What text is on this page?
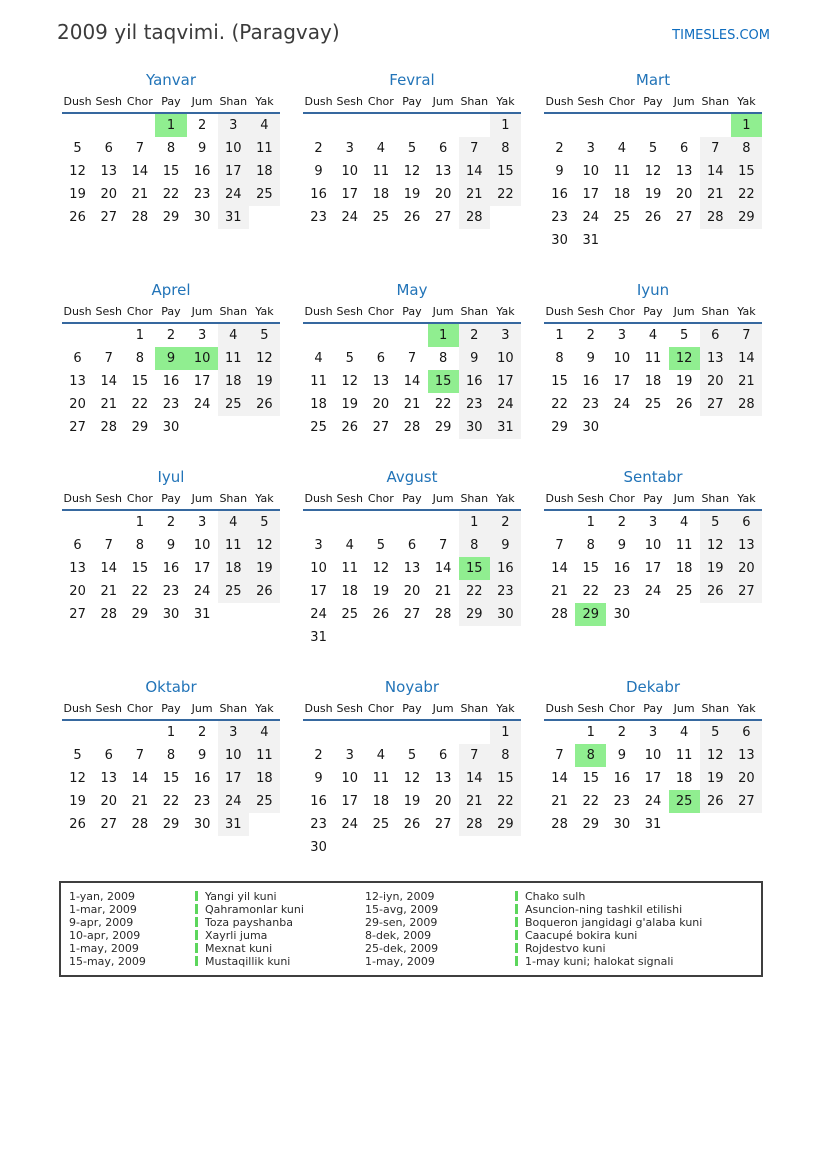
2009 yil taqvimi. (Paragvay)	TIMESLES.COM
Yanvar
Dush	Sesh	Chor	Pay	Jum	Shan	Yak
			1	2	3	4
5	6	7	8	9	10	11
12	13	14	15	16	17	18
19	20	21	22	23	24	25
26	27	28	29	30	31	
Fevral
Dush	Sesh	Chor	Pay	Jum	Shan	Yak
						1
2	3	4	5	6	7	8
9	10	11	12	13	14	15
16	17	18	19	20	21	22
23	24	25	26	27	28	
Mart
Dush	Sesh	Chor	Pay	Jum	Shan	Yak
						1
2	3	4	5	6	7	8
9	10	11	12	13	14	15
16	17	18	19	20	21	22
23	24	25	26	27	28	29
30	31					
Aprel
Dush	Sesh	Chor	Pay	Jum	Shan	Yak
		1	2	3	4	5
6	7	8	9	10	11	12
13	14	15	16	17	18	19
20	21	22	23	24	25	26
27	28	29	30			
May
Dush	Sesh	Chor	Pay	Jum	Shan	Yak
				1	2	3
4	5	6	7	8	9	10
11	12	13	14	15	16	17
18	19	20	21	22	23	24
25	26	27	28	29	30	31
Iyun
Dush	Sesh	Chor	Pay	Jum	Shan	Yak
1	2	3	4	5	6	7
8	9	10	11	12	13	14
15	16	17	18	19	20	21
22	23	24	25	26	27	28
29	30					
Iyul
Dush	Sesh	Chor	Pay	Jum	Shan	Yak
		1	2	3	4	5
6	7	8	9	10	11	12
13	14	15	16	17	18	19
20	21	22	23	24	25	26
27	28	29	30	31		
Avgust
Dush	Sesh	Chor	Pay	Jum	Shan	Yak
					1	2
3	4	5	6	7	8	9
10	11	12	13	14	15	16
17	18	19	20	21	22	23
24	25	26	27	28	29	30
31						
Sentabr
Dush	Sesh	Chor	Pay	Jum	Shan	Yak
	1	2	3	4	5	6
7	8	9	10	11	12	13
14	15	16	17	18	19	20
21	22	23	24	25	26	27
28	29	30				
Oktabr
Dush	Sesh	Chor	Pay	Jum	Shan	Yak
			1	2	3	4
5	6	7	8	9	10	11
12	13	14	15	16	17	18
19	20	21	22	23	24	25
26	27	28	29	30	31	
Noyabr
Dush	Sesh	Chor	Pay	Jum	Shan	Yak
						1
2	3	4	5	6	7	8
9	10	11	12	13	14	15
16	17	18	19	20	21	22
23	24	25	26	27	28	29
30						
Dekabr
Dush	Sesh	Chor	Pay	Jum	Shan	Yak
	1	2	3	4	5	6
7	8	9	10	11	12	13
14	15	16	17	18	19	20
21	22	23	24	25	26	27
28	29	30	31			
1-yan, 2009	Yangi yil kuni	12-iyn, 2009	Chako sulh
1-mar, 2009	Qahramonlar kuni	15-avg, 2009	Asuncion-ning tashkil etilishi
9-apr, 2009	Toza payshanba	29-sen, 2009	Boqueron jangidagi g'alaba kuni
10-apr, 2009	Xayrli juma	8-dek, 2009	Caacupé bokira kuni
1-may, 2009	Mexnat kuni	25-dek, 2009	Rojdestvo kuni
15-may, 2009	Mustaqillik kuni	1-may, 2009	1-may kuni; halokat signali
